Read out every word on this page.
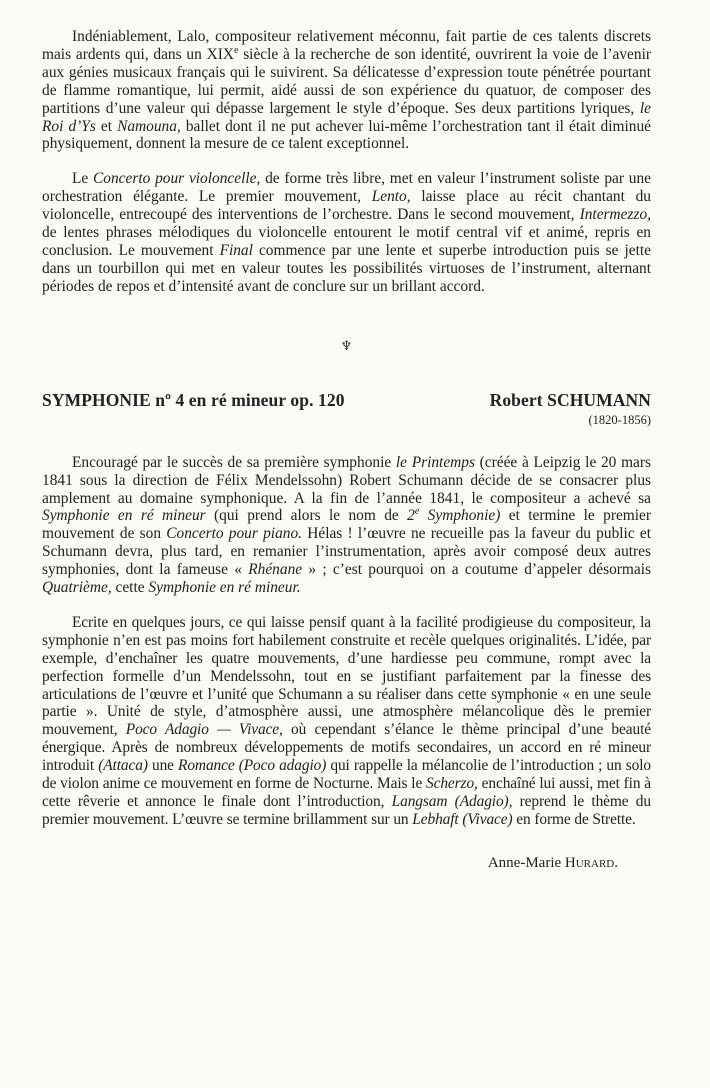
Indéniablement, Lalo, compositeur relativement méconnu, fait partie de ces talents discrets mais ardents qui, dans un XIXe siècle à la recherche de son identité, ouvrirent la voie de l’avenir aux génies musicaux français qui le suivirent. Sa délicatesse d’expression toute pénétrée pourtant de flamme romantique, lui permit, aidé aussi de son expérience du quatuor, de composer des partitions d’une valeur qui dépasse largement le style d’époque. Ses deux partitions lyriques, le Roi d’Ys et Namouna, ballet dont il ne put achever lui-même l’orchestration tant il était diminué physiquement, donnent la mesure de ce talent exceptionnel.

Le Concerto pour violoncelle, de forme très libre, met en valeur l’instrument soliste par une orchestration élégante. Le premier mouvement, Lento, laisse place au récit chantant du violoncelle, entrecoupé des interventions de l’orchestre. Dans le second mouvement, Intermezzo, de lentes phrases mélodiques du violoncelle entourent le motif central vif et animé, repris en conclusion. Le mouvement Final commence par une lente et superbe introduction puis se jette dans un tourbillon qui met en valeur toutes les possibilités virtuoses de l’instrument, alternant périodes de repos et d’intensité avant de conclure sur un brillant accord.

♆
SYMPHONIE nº 4 en ré mineur op. 120	Robert SCHUMANN
(1820-1856)

Encouragé par le succès de sa première symphonie le Printemps (créée à Leipzig le 20 mars 1841 sous la direction de Félix Mendelssohn) Robert Schumann décide de se consacrer plus amplement au domaine symphonique. A la fin de l’année 1841, le compositeur a achevé sa Symphonie en ré mineur (qui prend alors le nom de 2e Symphonie) et termine le premier mouvement de son Concerto pour piano. Hélas ! l’œuvre ne recueille pas la faveur du public et Schumann devra, plus tard, en remanier l’instrumentation, après avoir composé deux autres symphonies, dont la fameuse « Rhénane » ; c’est pourquoi on a coutume d’appeler désormais Quatrième, cette Symphonie en ré mineur.

Ecrite en quelques jours, ce qui laisse pensif quant à la facilité prodigieuse du compositeur, la symphonie n’en est pas moins fort habilement construite et recèle quelques originalités. L’idée, par exemple, d’enchaîner les quatre mouvements, d’une hardiesse peu commune, rompt avec la perfection formelle d’un Mendelssohn, tout en se justifiant parfaitement par la finesse des articulations de l’œuvre et l’unité que Schumann a su réaliser dans cette symphonie « en une seule partie ». Unité de style, d’atmosphère aussi, une atmosphère mélancolique dès le premier mouvement, Poco Adagio — Vivace, où cependant s’élance le thème principal d’une beauté énergique. Après de nombreux développements de motifs secondaires, un accord en ré mineur introduit (Attaca) une Romance (Poco adagio) qui rappelle la mélancolie de l’introduction ; un solo de violon anime ce mouvement en forme de Nocturne. Mais le Scherzo, enchaîné lui aussi, met fin à cette rêverie et annonce le finale dont l’introduction, Langsam (Adagio), reprend le thème du premier mouvement. L’œuvre se termine brillamment sur un Lebhaft (Vivace) en forme de Strette.

Anne-Marie Hurard.
